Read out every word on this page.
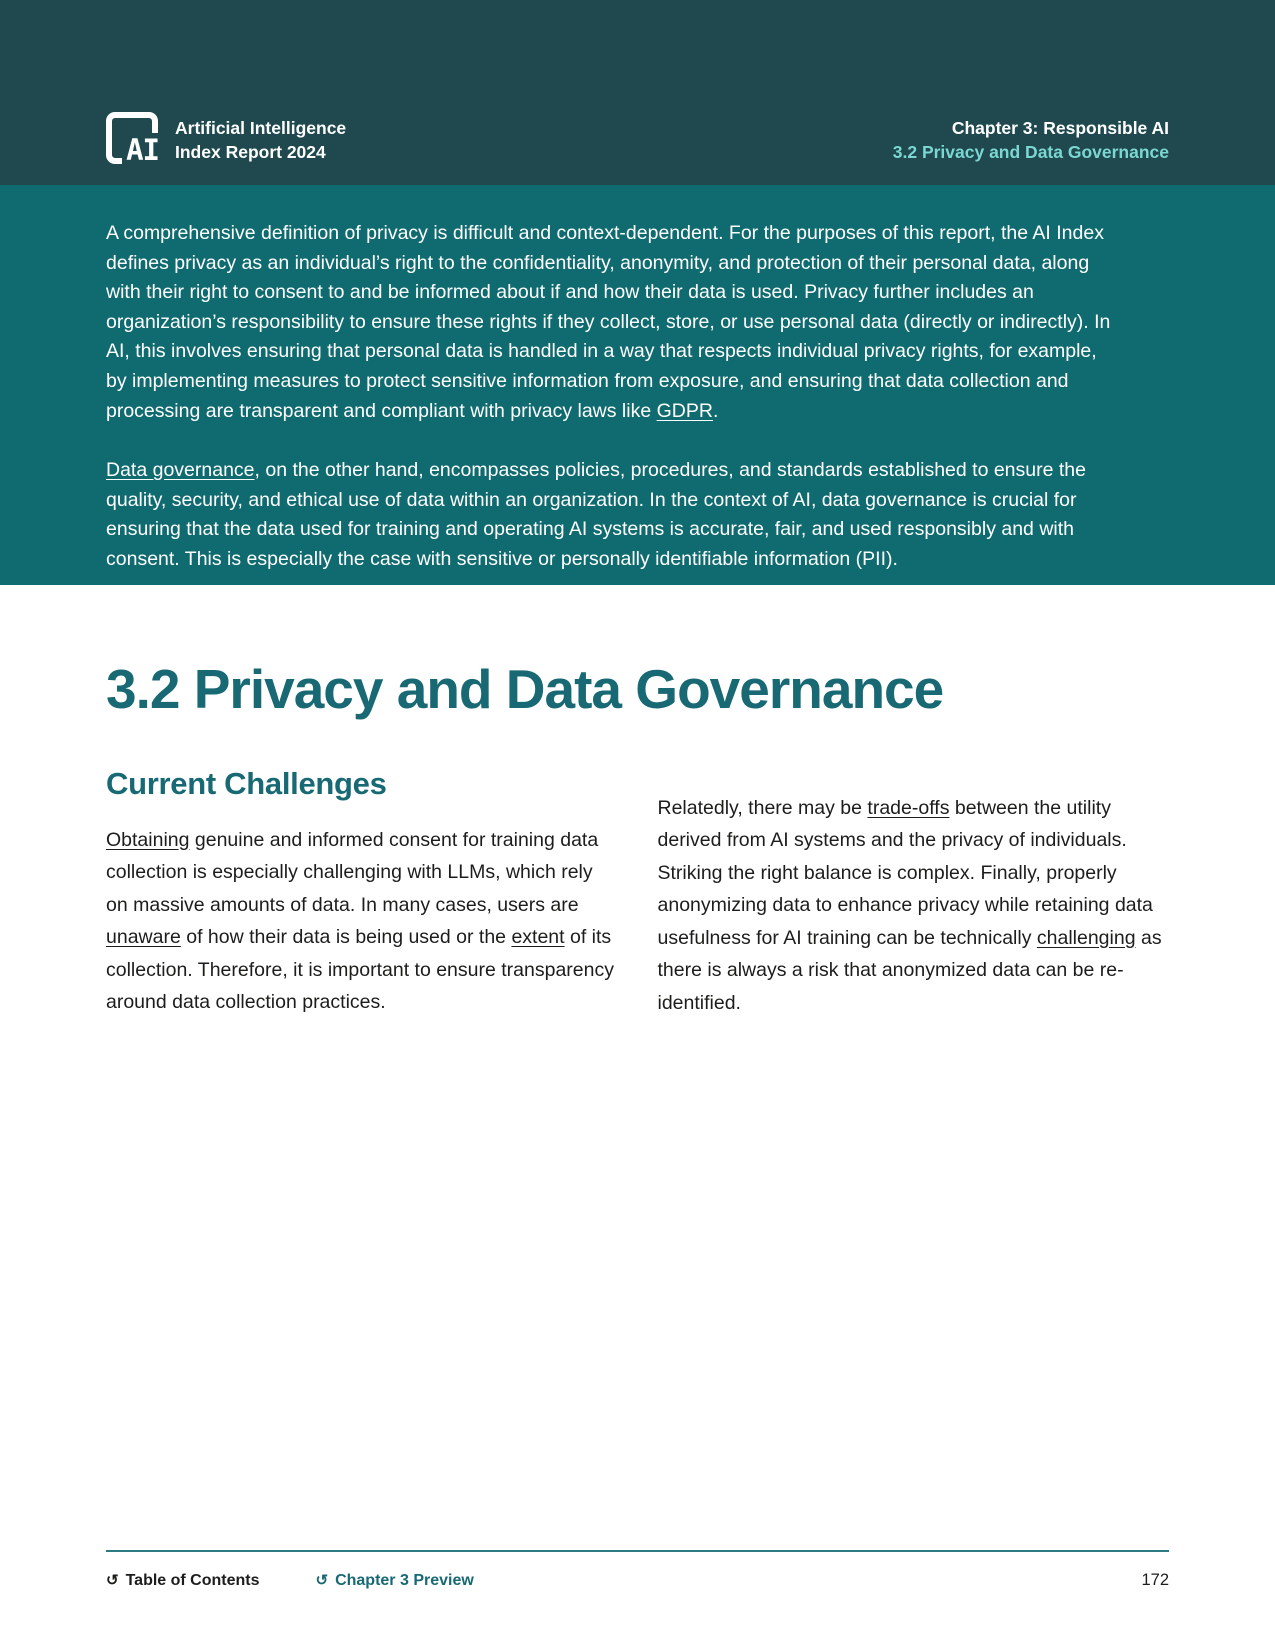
AI
Artificial Intelligence
Index Report 2024
Chapter 3: Responsible AI
3.2 Privacy and Data Governance

A comprehensive definition of privacy is difficult and context-dependent. For the purposes of this report, the AI Index defines privacy as an individual’s right to the confidentiality, anonymity, and protection of their personal data, along with their right to consent to and be informed about if and how their data is used. Privacy further includes an organization’s responsibility to ensure these rights if they collect, store, or use personal data (directly or indirectly). In AI, this involves ensuring that personal data is handled in a way that respects individual privacy rights, for example, by implementing measures to protect sensitive information from exposure, and ensuring that data collection and processing are transparent and compliant with privacy laws like GDPR.

Data governance, on the other hand, encompasses policies, procedures, and standards established to ensure the quality, security, and ethical use of data within an organization. In the context of AI, data governance is crucial for ensuring that the data used for training and operating AI systems is accurate, fair, and used responsibly and with consent. This is especially the case with sensitive or personally identifiable information (PII).

3.2 Privacy and Data Governance
Current Challenges

Obtaining genuine and informed consent for training data collection is especially challenging with LLMs, which rely on massive amounts of data. In many cases, users are unaware of how their data is being used or the extent of its collection. Therefore, it is important to ensure transparency around data collection practices.

Relatedly, there may be trade-offs between the utility derived from AI systems and the privacy of individuals. Striking the right balance is complex. Finally, properly anonymizing data to enhance privacy while retaining data usefulness for AI training can be technically challenging as there is always a risk that anonymized data can be re-identified.

↺ Table of Contents	↺ Chapter 3 Preview	172
